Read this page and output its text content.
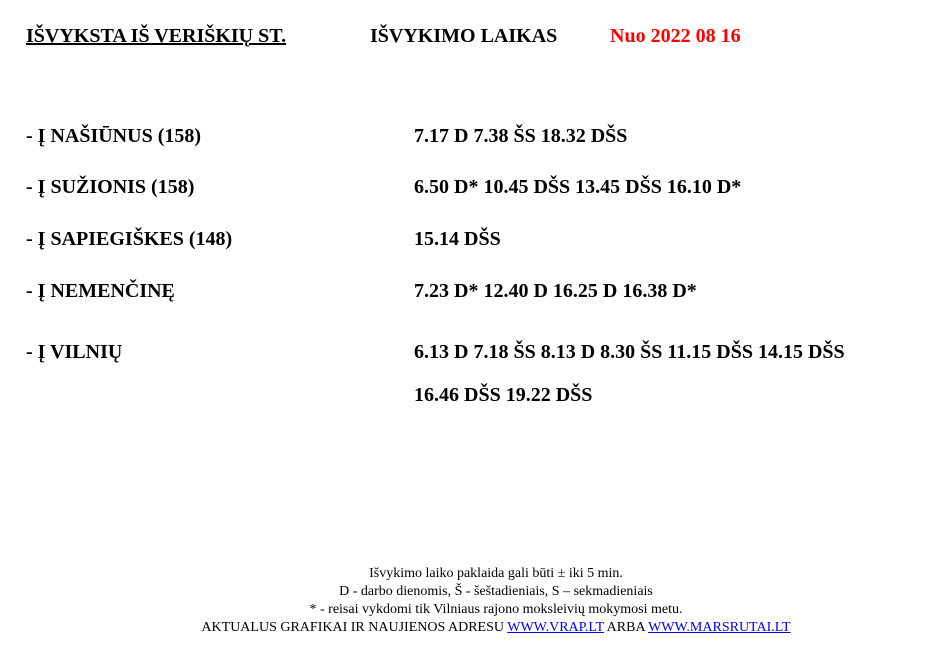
IŠVYKSTA IŠ VERIŠKIŲ ST.	IŠVYKIMO LAIKAS	Nuo 2022 08 16
- Į NAŠIŪNUS (158)	7.17 D 7.38 ŠS 18.32 DŠS
- Į SUŽIONIS (158)	6.50 D* 10.45 DŠS 13.45 DŠS 16.10 D*
- Į SAPIEGIŠKES (148)	15.14 DŠS
- Į NEMENČINĘ	7.23 D* 12.40 D 16.25 D 16.38 D*
- Į VILNIŲ	6.13 D 7.18 ŠS 8.13 D 8.30 ŠS 11.15 DŠS 14.15 DŠS
16.46 DŠS 19.22 DŠS
Išvykimo laiko paklaida gali būti ± iki 5 min.
D - darbo dienomis, Š - šeštadieniais, S – sekmadieniais
* - reisai vykdomi tik Vilniaus rajono moksleivių mokymosi metu.
AKTUALUS GRAFIKAI IR NAUJIENOS ADRESU WWW.VRAP.LT ARBA WWW.MARSRUTAI.LT
